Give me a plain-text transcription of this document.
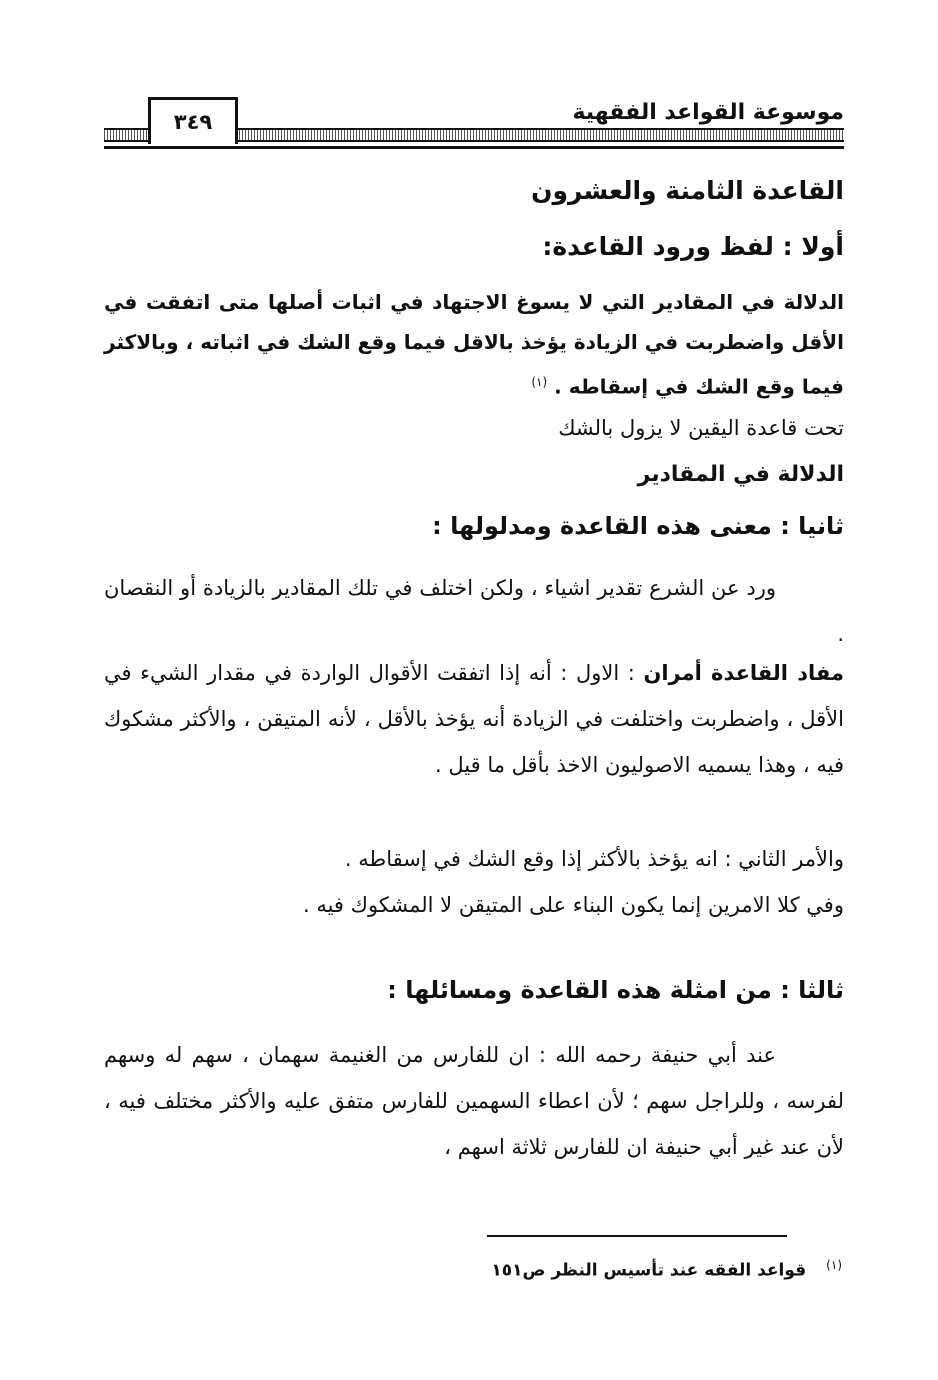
موسوعة القواعد الفقهية
٣٤٩
القاعدة الثامنة والعشرون
أولا : لفظ ورود القاعدة:
الدلالة في المقادير التي لا يسوغ الاجتهاد في اثبات أصلها متى اتفقت في الأقل واضطربت في الزيادة يؤخذ بالاقل فيما وقع الشك في اثباته ، وبالاكثر فيما وقع الشك في إسقاطه . $^{(١)}$
تحت قاعدة اليقين لا يزول بالشك
الدلالة في المقادير
ثانيا : معنى هذه القاعدة ومدلولها :
ورد عن الشرع تقدير اشياء ، ولكن اختلف في تلك المقادير بالزيادة أو النقصان .
مفاد القاعدة أمران : الاول : أنه إذا اتفقت الأقوال الواردة في مقدار الشيء في الأقل ، واضطربت واختلفت في الزيادة أنه يؤخذ بالأقل ، لأنه المتيقن ، والأكثر مشكوك فيه ، وهذا يسميه الاصوليون الاخذ بأقل ما قيل .
والأمر الثاني : انه يؤخذ بالأكثر إذا وقع الشك في إسقاطه .
وفي كلا الامرين إنما يكون البناء على المتيقن لا المشكوك فيه .
ثالثا : من امثلة هذه القاعدة ومسائلها :
عند أبي حنيفة رحمه الله : ان للفارس من الغنيمة سهمان ، سهم له وسهم لفرسه ، وللراجل سهم ؛ لأن اعطاء السهمين للفارس متفق عليه والأكثر مختلف فيه ، لأن عند غير أبي حنيفة ان للفارس ثلاثة اسهم ،
$^{(١)}$قواعد الفقه عند تأسيس النظر ص١٥١
